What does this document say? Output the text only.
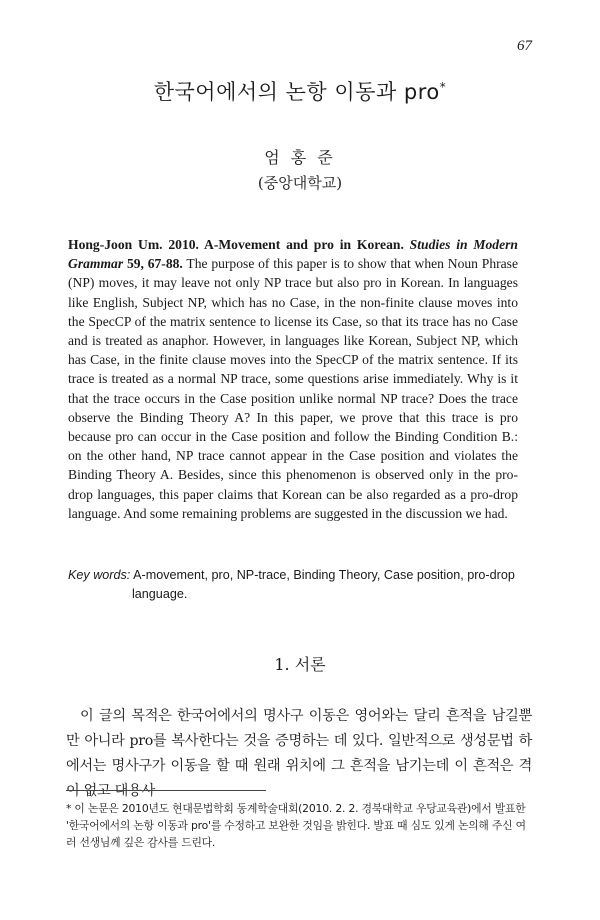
67
한국어에서의 논항 이동과 pro*
엄 홍 준
(중앙대학교)
Hong-Joon Um. 2010. A-Movement and pro in Korean. Studies in Modern Grammar 59, 67-88. The purpose of this paper is to show that when Noun Phrase (NP) moves, it may leave not only NP trace but also pro in Korean. In languages like English, Subject NP, which has no Case, in the non-finite clause moves into the SpecCP of the matrix sentence to license its Case, so that its trace has no Case and is treated as anaphor. However, in languages like Korean, Subject NP, which has Case, in the finite clause moves into the SpecCP of the matrix sentence. If its trace is treated as a normal NP trace, some questions arise immediately. Why is it that the trace occurs in the Case position unlike normal NP trace? Does the trace observe the Binding Theory A? In this paper, we prove that this trace is pro because pro can occur in the Case position and follow the Binding Condition B.: on the other hand, NP trace cannot appear in the Case position and violates the Binding Theory A. Besides, since this phenomenon is observed only in the pro-drop languages, this paper claims that Korean can be also regarded as a pro-drop language. And some remaining problems are suggested in the discussion we had.
Key words: A-movement, pro, NP-trace, Binding Theory, Case position, pro-drop
language.
1. 서론
이 글의 목적은 한국어에서의 명사구 이동은 영어와는 달리 흔적을 남길뿐만 아니라 pro를 복사한다는 것을 증명하는 데 있다. 일반적으로 생성문법 하에서는 명사구가 이동을 할 때 원래 위치에 그 흔적을 남기는데 이 흔적은 격이 없고 대용사
* 이 논문은 2010년도 현대문법학회 동계학술대회(2010. 2. 2. 경북대학교 우당교육관)에서 발표한 '한국어에서의 논항 이동과 pro'를 수정하고 보완한 것임을 밝힌다. 발표 때 심도 있게 논의해 주신 여러 선생님께 깊은 감사를 드린다.
